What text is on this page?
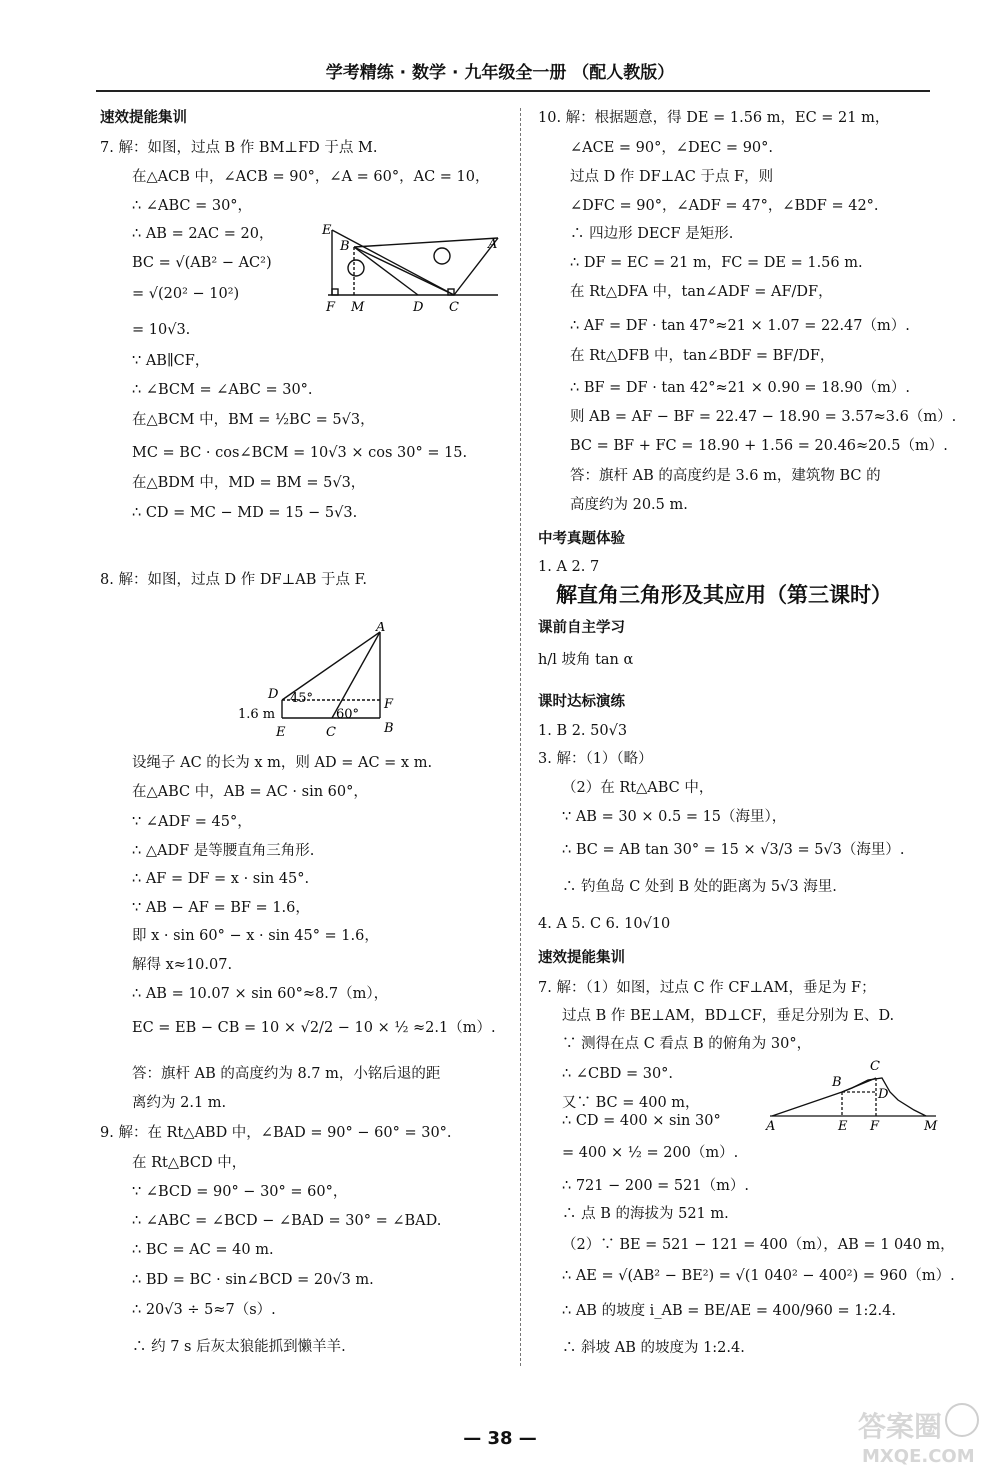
学考精练 · 数学 · 九年级全一册 （配人教版）
速效提能集训
7. 解：如图，过点 B 作 BM⊥FD 于点 M.
在△ACB 中，∠ACB = 90°，∠A = 60°，AC = 10，
∴ ∠ABC = 30°，
∴ AB = 2AC = 20，
BC = √(AB² − AC²)
= √(20² − 10²)
= 10√3.
∵ AB∥CF，
∴ ∠BCM = ∠ABC = 30°.
在△BCM 中，BM = ½BC = 5√3，
MC = BC · cos∠BCM = 10√3 × cos 30° = 15.
在△BDM 中，MD = BM = 5√3，
∴ CD = MC − MD = 15 − 5√3.
8. 解：如图，过点 D 作 DF⊥AB 于点 F.
设绳子 AC 的长为 x m，则 AD = AC = x m.
在△ABC 中，AB = AC · sin 60°，
∵ ∠ADF = 45°，
∴ △ADF 是等腰直角三角形.
∴ AF = DF = x · sin 45°.
∵ AB − AF = BF = 1.6，
即 x · sin 60° − x · sin 45° = 1.6，
解得 x≈10.07.
∴ AB = 10.07 × sin 60°≈8.7（m），
EC = EB − CB = 10 × √2/2 − 10 × ½ ≈2.1（m）.
答：旗杆 AB 的高度约为 8.7 m，小铭后退的距
离约为 2.1 m.
9. 解：在 Rt△ABD 中，∠BAD = 90° − 60° = 30°.
在 Rt△BCD 中，
∵ ∠BCD = 90° − 30° = 60°，
∴ ∠ABC = ∠BCD − ∠BAD = 30° = ∠BAD.
∴ BC = AC = 40 m.
∴ BD = BC · sin∠BCD = 20√3 m.
∴ 20√3 ÷ 5≈7（s）.
∴ 约 7 s 后灰太狼能抓到懒羊羊.
10. 解：根据题意，得 DE = 1.56 m，EC = 21 m，
∠ACE = 90°，∠DEC = 90°.
过点 D 作 DF⊥AC 于点 F，则
∠DFC = 90°，∠ADF = 47°，∠BDF = 42°.
∴ 四边形 DECF 是矩形.
∴ DF = EC = 21 m，FC = DE = 1.56 m.
在 Rt△DFA 中，tan∠ADF = AF/DF，
∴ AF = DF · tan 47°≈21 × 1.07 = 22.47（m）.
在 Rt△DFB 中，tan∠BDF = BF/DF，
∴ BF = DF · tan 42°≈21 × 0.90 = 18.90（m）.
则 AB = AF − BF = 22.47 − 18.90 = 3.57≈3.6（m）.
BC = BF + FC = 18.90 + 1.56 = 20.46≈20.5（m）.
答：旗杆 AB 的高度约是 3.6 m，建筑物 BC 的
高度约为 20.5 m.
中考真题体验
1. A 2. 7
解直角三角形及其应用（第三课时）
课前自主学习
h/l 坡角 tan α
课时达标演练
1. B 2. 50√3
3. 解：（1）（略）
（2）在 Rt△ABC 中，
∵ AB = 30 × 0.5 = 15（海里），
∴ BC = AB tan 30° = 15 × √3/3 = 5√3（海里）.
∴ 钓鱼岛 C 处到 B 处的距离为 5√3 海里.
4. A 5. C 6. 10√10
速效提能集训
7. 解：（1）如图，过点 C 作 CF⊥AM，垂足为 F；
过点 B 作 BE⊥AM，BD⊥CF，垂足分别为 E、D.
∵ 测得在点 C 看点 B 的俯角为 30°，
∴ ∠CBD = 30°.
又∵ BC = 400 m，
∴ CD = 400 × sin 30°
= 400 × ½ = 200（m）.
∴ 721 − 200 = 521（m）.
∴ 点 B 的海拔为 521 m.
（2）∵ BE = 521 − 121 = 400（m），AB = 1 040 m，
∴ AE = √(AB² − BE²) = √(1 040² − 400²) = 960（m）.
∴ AB 的坡度 i_AB = BE/AE = 400/960 = 1:2.4.
∴ 斜坡 AB 的坡度为 1:2.4.
E
B	A
F M	D C
A
D
F
45°
60°
1.6 m
E	C	B
C
B
D
A	E F	M
— 38 —	答案圈
MXQE.COM
